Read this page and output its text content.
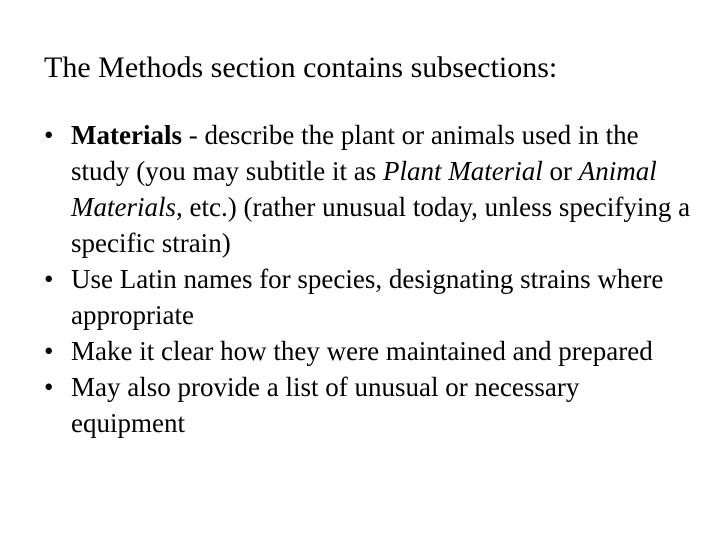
The Methods section contains subsections:
• Materials - describe the plant or animals used in the study (you may subtitle it as Plant Material or Animal Materials, etc.) (rather unusual today, unless specifying a specific strain)
• Use Latin names for species, designating strains where appropriate
• Make it clear how they were maintained and prepared
• May also provide a list of unusual or necessary equipment
